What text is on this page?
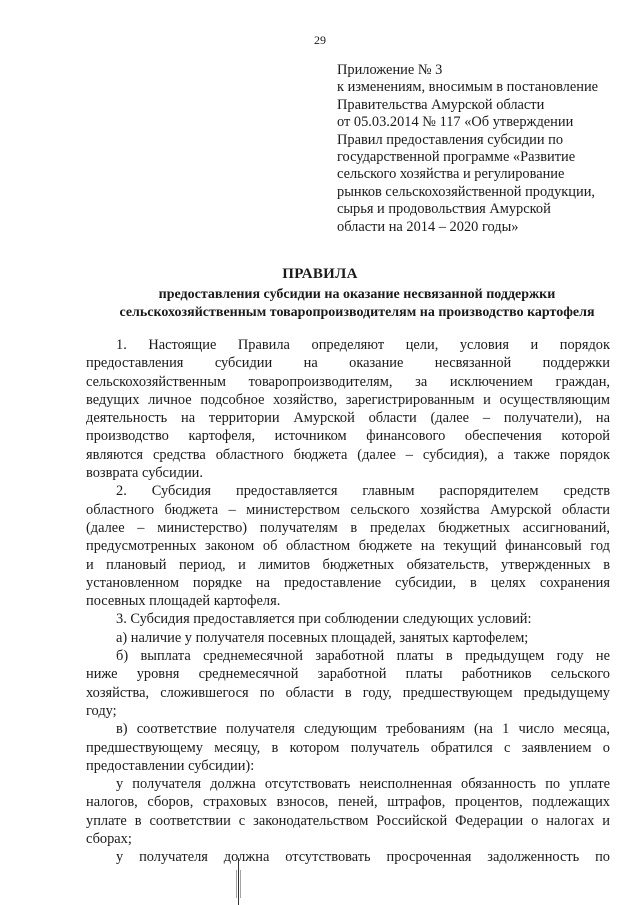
29
Приложение № 3
к изменениям, вносимым в постановление
Правительства Амурской области
от 05.03.2014 № 117 «Об утверждении
Правил предоставления субсидии по
государственной программе «Развитие
сельского хозяйства и регулирование
рынков сельскохозяйственной продукции,
сырья и продовольствия Амурской
области на 2014 – 2020 годы»
ПРАВИЛА
предоставления субсидии на оказание несвязанной поддержки
сельскохозяйственным товаропроизводителям на производство картофеля
1. Настоящие Правила определяют цели, условия и порядок
предоставления субсидии на оказание несвязанной поддержки
сельскохозяйственным товаропроизводителям, за исключением граждан,
ведущих личное подсобное хозяйство, зарегистрированным и осуществляющим
деятельность на территории Амурской области (далее – получатели), на
производство картофеля, источником финансового обеспечения которой
являются средства областного бюджета (далее – субсидия), а также порядок
возврата субсидии.
2. Субсидия предоставляется главным распорядителем средств
областного бюджета – министерством сельского хозяйства Амурской области
(далее – министерство) получателям в пределах бюджетных ассигнований,
предусмотренных законом об областном бюджете на текущий финансовый год
и плановый период, и лимитов бюджетных обязательств, утвержденных в
установленном порядке на предоставление субсидии, в целях сохранения
посевных площадей картофеля.
3. Субсидия предоставляется при соблюдении следующих условий:
а) наличие у получателя посевных площадей, занятых картофелем;
б) выплата среднемесячной заработной платы в предыдущем году не
ниже уровня среднемесячной заработной платы работников сельского
хозяйства, сложившегося по области в году, предшествующем предыдущему
году;
в) соответствие получателя следующим требованиям (на 1 число месяца,
предшествующему месяцу, в котором получатель обратился с заявлением о
предоставлении субсидии):
у получателя должна отсутствовать неисполненная обязанность по уплате
налогов, сборов, страховых взносов, пеней, штрафов, процентов, подлежащих
уплате в соответствии с законодательством Российской Федерации о налогах и
сборах;
у получателя должна отсутствовать просроченная задолженность по
